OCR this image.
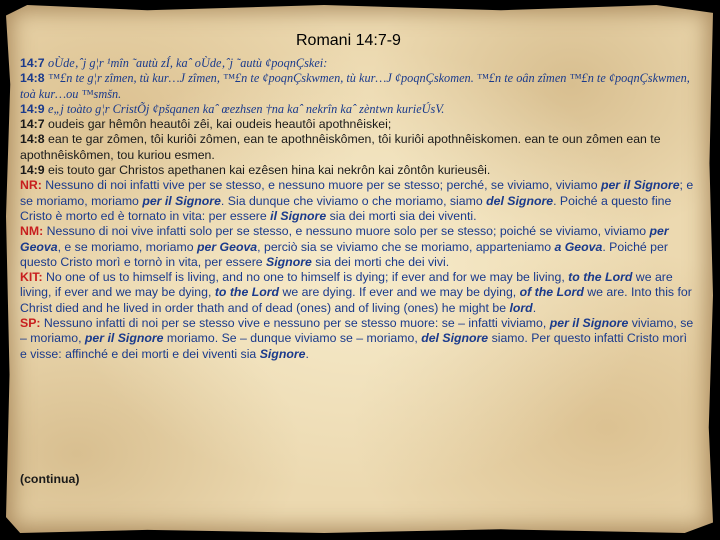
Romani 14:7-9
14:7 oÙde‚ˆj g¦r ¹mîn ˜autù zÍ, kaˆ oÙde‚ˆj ˜autù ¢poqnÇskei:
14:8 ™£n te g¦r zîmen, tù kur…J zîmen, ™£n te ¢poqnÇskwmen, tù kur…J ¢poqnÇskomen. ™£n te oân zîmen ™£n te ¢poqnÇskwmen, toà kur…ou ™smšn.
14:9 e„j toàto g¦r CristÕj ¢pšqanen kaˆ œezhsen †na kaˆ nekrîn kaˆ zèntwn kurieÚsV.
14:7 oudeis gar hêmôn heautôi zêi, kai oudeis heautôi apothnêiskei;
14:8 ean te gar zômen, tôi kuriôi zômen, ean te apothnêiskômen, tôi kuriôi apothnêiskomen. ean te oun zômen ean te apothnêiskômen, tou kuriou esmen.
14:9 eis touto gar Christos apethanen kai ezêsen hina kai nekrôn kai zôntôn kurieusêi.
NR: Nessuno di noi infatti vive per se stesso, e nessuno muore per se stesso; perché, se viviamo, viviamo per il Signore; e se moriamo, moriamo per il Signore. Sia dunque che viviamo o che moriamo, siamo del Signore. Poiché a questo fine Cristo è morto ed è tornato in vita: per essere il Signore sia dei morti sia dei viventi.
NM: Nessuno di noi vive infatti solo per se stesso, e nessuno muore solo per se stesso; poiché se viviamo, viviamo per Geova, e se moriamo, moriamo per Geova, perciò sia se viviamo che se moriamo, apparteniamo a Geova. Poiché per questo Cristo morì e tornò in vita, per essere Signore sia dei morti che dei vivi.
KIT: No one of us to himself is living, and no one to himself is dying; if ever and for we may be living, to the Lord we are living, if ever and we may be dying, to the Lord we are dying. If ever and we may be dying, of the Lord we are. Into this for Christ died and he lived in order thath and of dead (ones) and of living (ones) he might be lord.
SP: Nessuno infatti di noi per se stesso vive e nessuno per se stesso muore: se – infatti viviamo, per il Signore viviamo, se – moriamo, per il Signore moriamo. Se – dunque viviamo se – moriamo, del Signore siamo. Per questo infatti Cristo morì e visse: affinché e dei morti e dei viventi sia Signore.
(continua)
